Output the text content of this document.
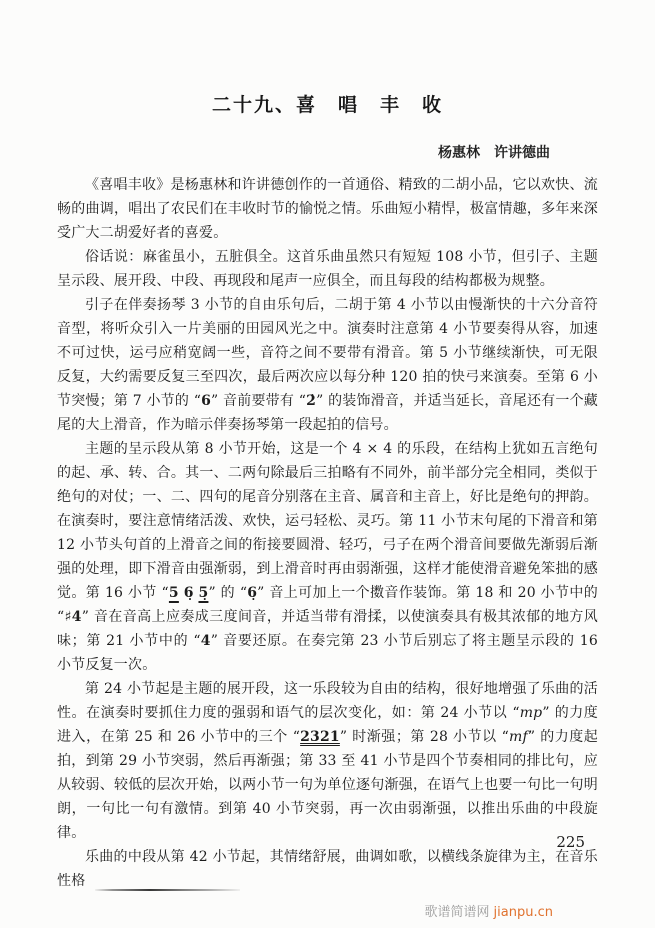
二十九、喜　唱　丰　收
杨惠林　许讲德曲

《喜唱丰收》是杨惠林和许讲德创作的一首通俗、精致的二胡小品，它以欢快、流畅的曲调，唱出了农民们在丰收时节的愉悦之情。乐曲短小精悍，极富情趣，多年来深受广大二胡爱好者的喜爱。

俗话说：麻雀虽小，五脏俱全。这首乐曲虽然只有短短 108 小节，但引子、主题呈示段、展开段、中段、再现段和尾声一应俱全，而且每段的结构都极为规整。

引子在伴奏扬琴 3 小节的自由乐句后，二胡于第 4 小节以由慢渐快的十六分音符音型，将听众引入一片美丽的田园风光之中。演奏时注意第 4 小节要奏得从容，加速不可过快，运弓应稍宽阔一些，音符之间不要带有滑音。第 5 小节继续渐快，可无限反复，大约需要反复三至四次，最后两次应以每分种 120 拍的快弓来演奏。至第 6 小节突慢；第 7 小节的 “6” 音前要带有 “2̇” 的装饰滑音，并适当延长，音尾还有一个藏尾的大上滑音，作为暗示伴奏扬琴第一段起拍的信号。

主题的呈示段从第 8 小节开始，这是一个 4 × 4 的乐段，在结构上犹如五言绝句的起、承、转、合。其一、二两句除最后三拍略有不同外，前半部分完全相同，类似于绝句的对仗；一、二、四句的尾音分别落在主音、属音和主音上，好比是绝句的押韵。在演奏时，要注意情绪活泼、欢快，运弓轻松、灵巧。第 11 小节末句尾的下滑音和第 12 小节头句首的上滑音之间的衔接要圆滑、轻巧，弓子在两个滑音间要做先渐弱后渐强的处理，即下滑音由强渐弱，到上滑音时再由弱渐强，这样才能使滑音避免笨拙的感觉。第 16 小节 “5 6̣ 5̣” 的 “6̣” 音上可加上一个擞音作装饰。第 18 和 20 小节中的 “♯4” 音在音高上应奏成三度间音，并适当带有滑揉，以使演奏具有极其浓郁的地方风味；第 21 小节中的 “4” 音要还原。在奏完第 23 小节后别忘了将主题呈示段的 16 小节反复一次。

第 24 小节起是主题的展开段，这一乐段较为自由的结构，很好地增强了乐曲的活性。在演奏时要抓住力度的强弱和语气的层次变化，如：第 24 小节以 “mp” 的力度进入，在第 25 和 26 小节中的三个 “2321” 时渐强；第 28 小节以 “mf” 的力度起拍，到第 29 小节突弱，然后再渐强；第 33 至 41 小节是四个节奏相同的排比句，应从较弱、较低的层次开始，以两小节一句为单位逐句渐强，在语气上也要一句比一句明朗，一句比一句有激情。到第 40 小节突弱，再一次由弱渐强，以推出乐曲的中段旋律。

乐曲的中段从第 42 小节起，其情绪舒展，曲调如歌，以横线条旋律为主，在音乐性格

225
歌谱简谱网 jianpu.cn
